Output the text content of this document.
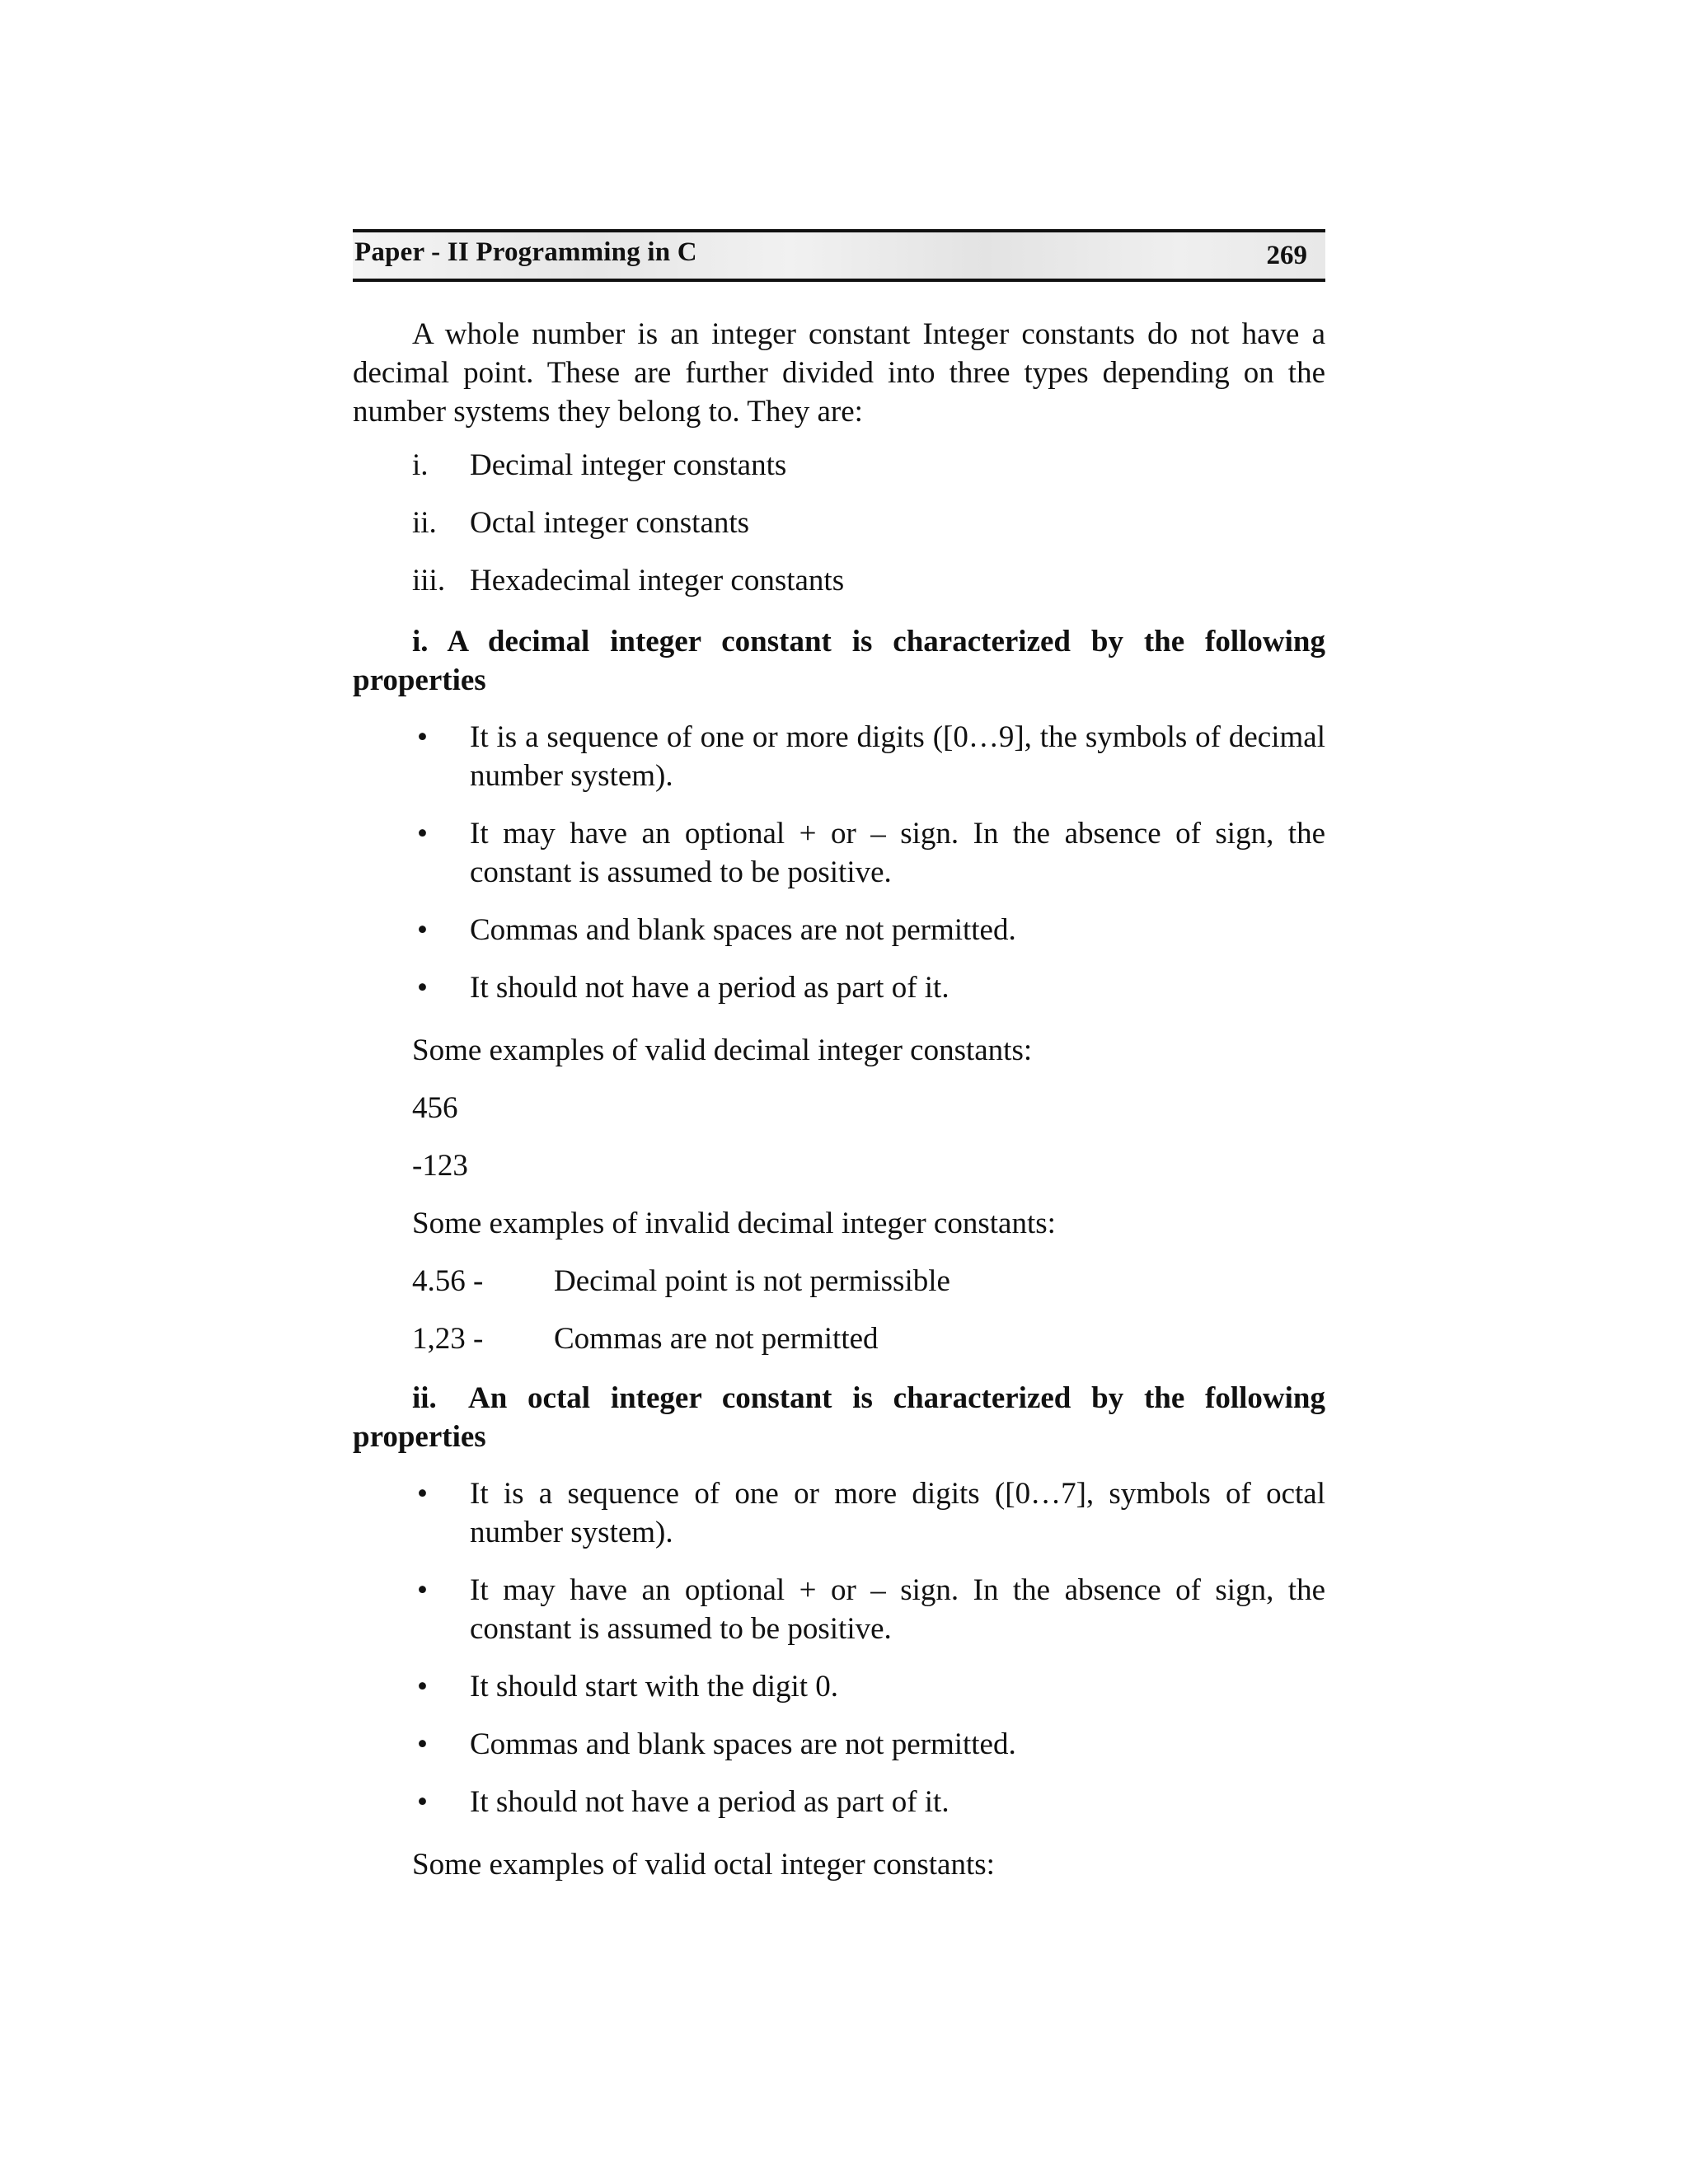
Paper - II Programming in C	269

A whole number is an integer constant Integer constants do not have a decimal point. These are further divided into three types depending on the number systems they belong to. They are:

i. Decimal integer constants
ii. Octal integer constants
iii. Hexadecimal integer constants

i. A decimal integer constant is characterized by the following properties

• It is a sequence of one or more digits ([0…9], the symbols of decimal number system).
• It may have an optional + or – sign. In the absence of sign, the constant is assumed to be positive.
• Commas and blank spaces are not permitted.
• It should not have a period as part of it.
Some examples of valid decimal integer constants:
456
-123
Some examples of invalid decimal integer constants:
4.56 - Decimal point is not permissible
1,23 - Commas are not permitted

ii. An octal integer constant is characterized by the following properties

• It is a sequence of one or more digits ([0…7], symbols of octal number system).
• It may have an optional + or – sign. In the absence of sign, the constant is assumed to be positive.
• It should start with the digit 0.
• Commas and blank spaces are not permitted.
• It should not have a period as part of it.
Some examples of valid octal integer constants:
